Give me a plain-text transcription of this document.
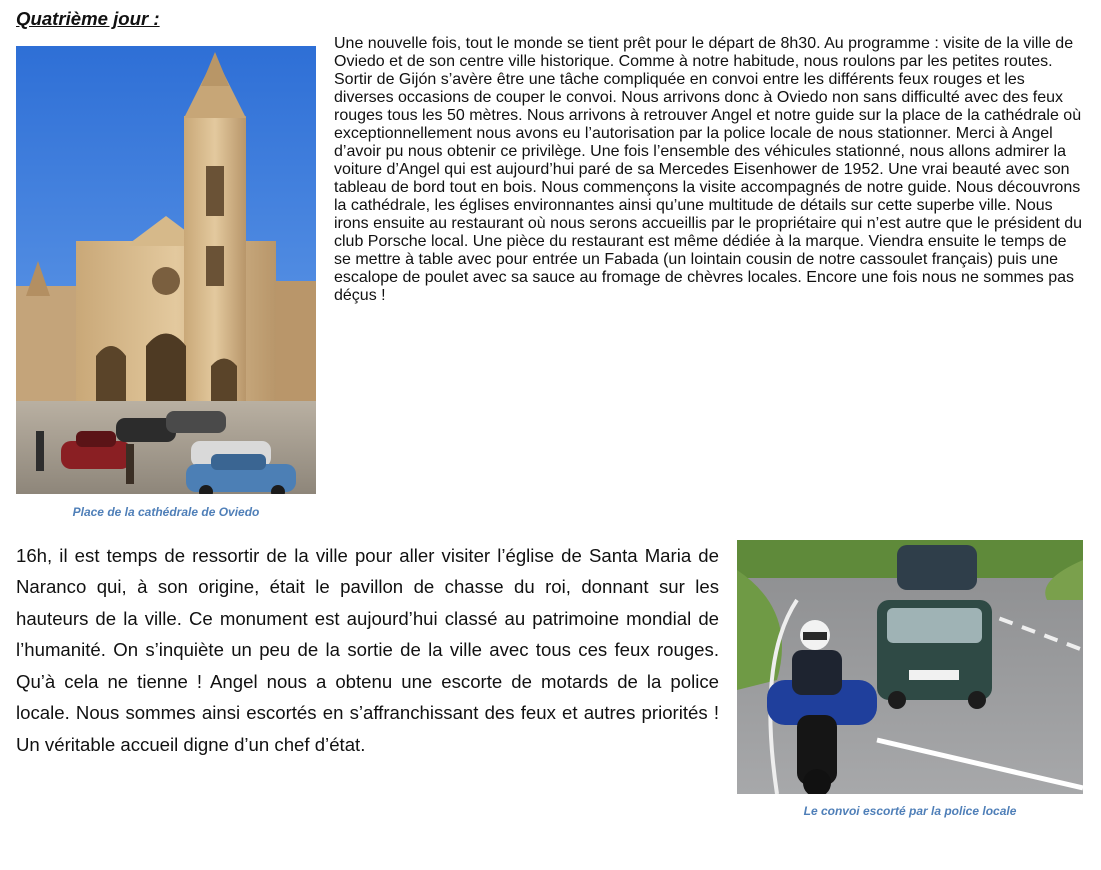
Quatrième jour :

Place de la cathédrale de Oviedo
Une nouvelle fois, tout le monde se tient prêt pour le départ de 8h30. Au programme : visite de la ville de Oviedo et de son centre ville historique. Comme à notre habitude, nous roulons par les petites routes. Sortir de Gijón s’avère être une tâche compliquée en convoi entre les différents feux rouges et les diverses occasions de couper le convoi. Nous arrivons donc à Oviedo non sans difficulté avec des feux rouges tous les 50 mètres. Nous arrivons à retrouver Angel et notre guide sur la place de la cathédrale où exceptionnellement nous avons eu l’autorisation par la police locale de nous stationner. Merci à Angel d’avoir pu nous obtenir ce privilège. Une fois l’ensemble des véhicules stationné, nous allons admirer la voiture d’Angel qui est aujourd’hui paré de sa Mercedes Eisenhower de 1952. Une vrai beauté avec son tableau de bord tout en bois. Nous commençons la visite accompagnés de notre guide. Nous découvrons la cathédrale, les églises environnantes ainsi qu’une multitude de détails sur cette superbe ville. Nous irons ensuite au restaurant où nous serons accueillis par le propriétaire qui n’est autre que le président du club Porsche local. Une pièce du restaurant est même dédiée à la marque. Viendra ensuite le temps de se mettre à table avec pour entrée un Fabada (un lointain cousin de notre cassoulet français) puis une escalope de poulet avec sa sauce au fromage de chèvres locales. Encore une fois nous ne sommes pas déçus !

Le convoi escorté par la police locale

16h, il est temps de ressortir de la ville pour aller visiter l’église de Santa Maria de Naranco qui, à son origine, était le pavillon de chasse du roi, donnant sur les hauteurs de la ville. Ce monument est aujourd’hui classé au patrimoine mondial de l’humanité. On s’inquiète un peu de la sortie de la ville avec tous ces feux rouges. Qu’à cela ne tienne ! Angel nous a obtenu une escorte de motards de la police locale. Nous sommes ainsi escortés en s’affranchissant des feux et autres priorités ! Un véritable accueil digne d’un chef d’état.
